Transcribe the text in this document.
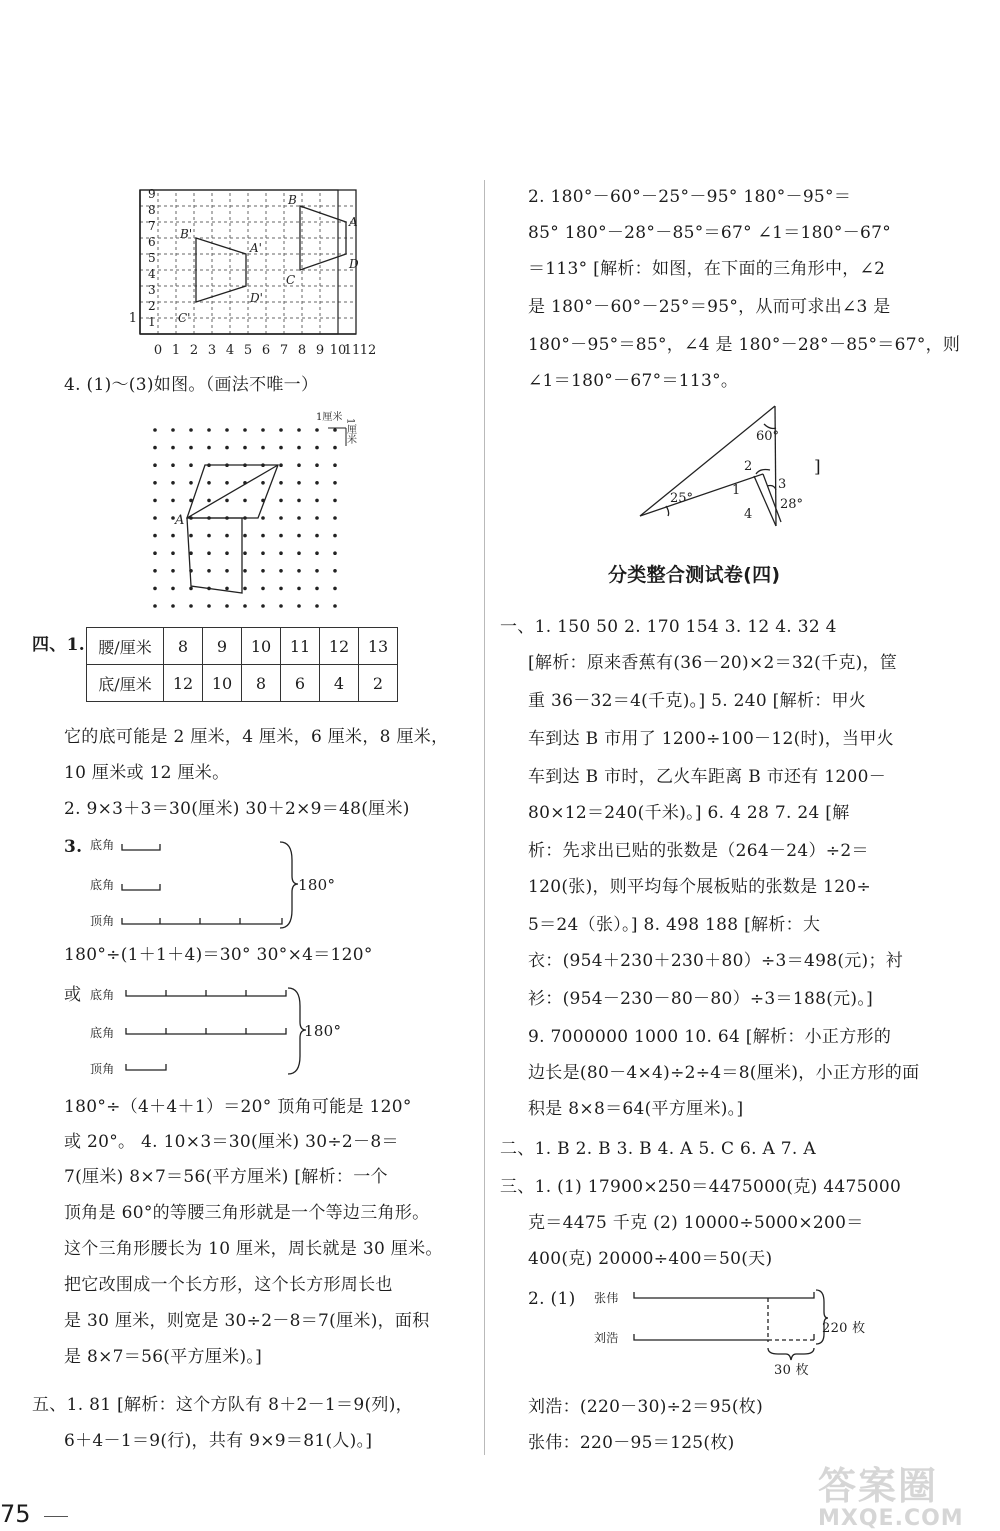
1
0 1 2 3 4 5 6 7 8 9 10
11 12
B
A
D
C
B'
A'
D'
C'
1
2
3
4
5
6
7
8
9
4. (1)～(3)如图。（画法不唯一）
A
1厘米
1厘米
四、1. 腰/厘米	8	9	10	11	12	13
底/厘米	12	10	8	6	4	2
它的底可能是 2 厘米，4 厘米，6 厘米，8 厘米，
10 厘米或 12 厘米。
2. 9×3＋3＝30(厘米) 30＋2×9＝48(厘米)
3. 底角
底角
顶角
180°
180°÷(1＋1＋4)＝30° 30°×4＝120°
或 底角
底角
顶角
180°
180°÷（4＋4＋1）＝20° 顶角可能是 120°
或 20°。 4. 10×3＝30(厘米) 30÷2－8＝
7(厘米) 8×7＝56(平方厘米) [解析：一个
顶角是 60°的等腰三角形就是一个等边三角形。
这个三角形腰长为 10 厘米，周长就是 30 厘米。
把它改围成一个长方形，这个长方形周长也
是 30 厘米，则宽是 30÷2－8＝7(厘米)，面积
是 8×7＝56(平方厘米)。]
五、1. 81 [解析：这个方队有 8＋2－1＝9(列)，
6＋4－1＝9(行)，共有 9×9＝81(人)。]
75
2. 180°－60°－25°－95° 180°－95°＝
85° 180°－28°－85°＝67° ∠1＝180°－67°
＝113° [解析：如图，在下面的三角形中，∠2
是 180°－60°－25°＝95°，从而可求出∠3 是
180°－95°＝85°，∠4 是 180°－28°－85°＝67°，则
∠1＝180°－67°＝113°。
60°
25°	28°
1
2
3
4
]
分类整合测试卷(四)
一、1. 150 50 2. 170 154 3. 12 4. 32 4
[解析：原来香蕉有(36－20)×2＝32(千克)，筐
重 36－32＝4(千克)。] 5. 240 [解析：甲火
车到达 B 市用了 1200÷100－12(时)，当甲火
车到达 B 市时，乙火车距离 B 市还有 1200－
80×12＝240(千米)。] 6. 4 28 7. 24 [解
析：先求出已贴的张数是（264－24）÷2＝
120(张)，则平均每个展板贴的张数是 120÷
5＝24（张）。] 8. 498 188 [解析：大
衣：(954＋230＋230＋80）÷3＝498(元)；衬
衫：(954－230－80－80）÷3＝188(元)。]
9. 7000000 1000 10. 64 [解析：小正方形的
边长是(80－4×4)÷2÷4＝8(厘米)，小正方形的面
积是 8×8＝64(平方厘米)。]
二、1. B 2. B 3. B 4. A 5. C 6. A 7. A
三、1. (1) 17900×250＝4475000(克) 4475000
克＝4475 千克 (2) 10000÷5000×200＝
400(克) 20000÷400＝50(天)
2. (1) 张伟
刘浩
220 枚
30 枚
刘浩：(220－30)÷2＝95(枚)
张伟：220－95＝125(枚)
答案圈
MXQE.COM
